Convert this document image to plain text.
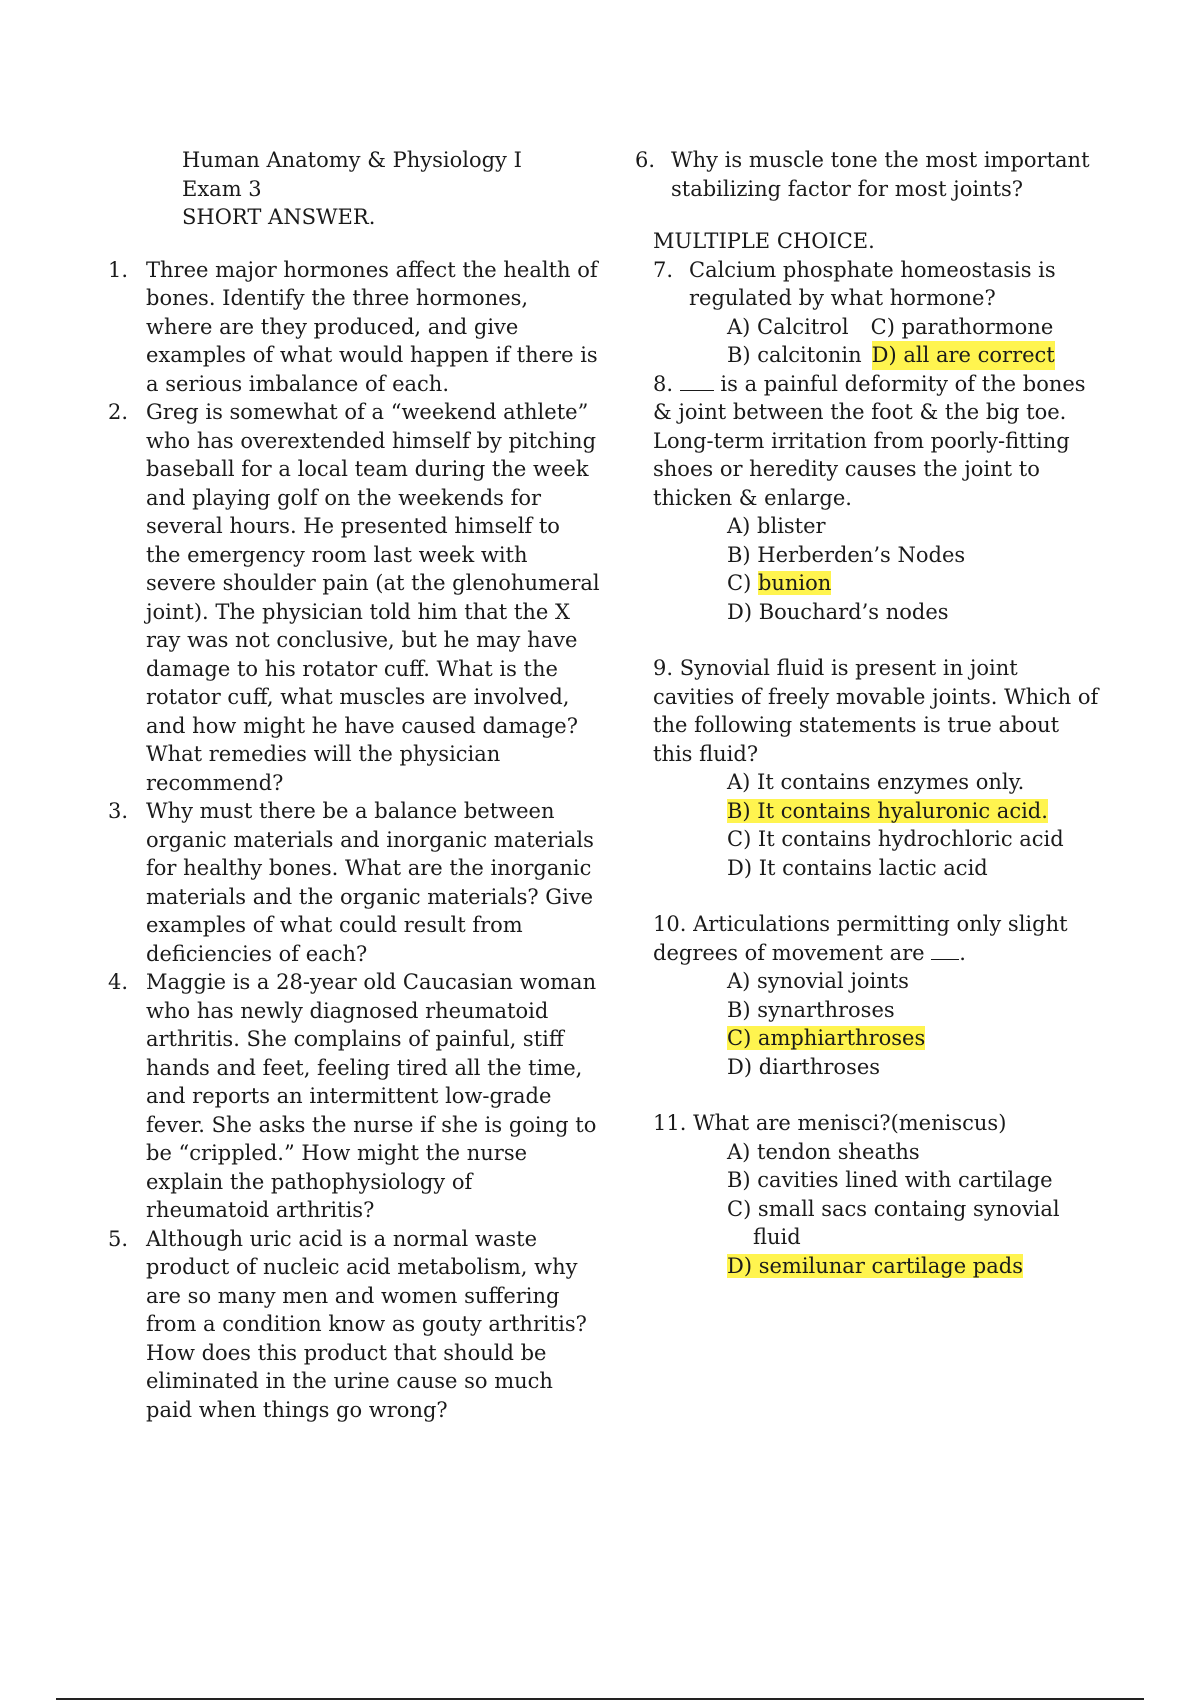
Human Anatomy & Physiology I
Exam 3
SHORT ANSWER.
1. Three major hormones affect the health of bones. Identify the three hormones, where are they produced, and give examples of what would happen if there is a serious imbalance of each.
2. Greg is somewhat of a “weekend athlete” who has overextended himself by pitching baseball for a local team during the week and playing golf on the weekends for several hours. He presented himself to the emergency room last week with severe shoulder pain (at the glenohumeral joint). The physician told him that the X ray was not conclusive, but he may have damage to his rotator cuff. What is the rotator cuff, what muscles are involved, and how might he have caused damage? What remedies will the physician recommend?
3. Why must there be a balance between organic materials and inorganic materials for healthy bones. What are the inorganic materials and the organic materials? Give examples of what could result from deficiencies of each?
4. Maggie is a 28-year old Caucasian woman who has newly diagnosed rheumatoid arthritis. She complains of painful, stiff hands and feet, feeling tired all the time, and reports an intermittent low-grade fever. She asks the nurse if she is going to be “crippled.” How might the nurse explain the pathophysiology of rheumatoid arthritis?
5. Although uric acid is a normal waste product of nucleic acid metabolism, why are so many men and women suffering from a condition know as gouty arthritis? How does this product that should be eliminated in the urine cause so much paid when things go wrong?
6. Why is muscle tone the most important stabilizing factor for most joints?
MULTIPLE CHOICE.
7. Calcium phosphate homeostasis is regulated by what hormone?
A) Calcitrol C) parathormone
B) calcitonin D) all are correct
8. is a painful deformity of the bones & joint between the foot & the big toe. Long-term irritation from poorly-fitting shoes or heredity causes the joint to thicken & enlarge.
A) blister
B) Herberden’s Nodes
C) bunion
D) Bouchard’s nodes
9. Synovial fluid is present in joint cavities of freely movable joints. Which of the following statements is true about this fluid?
A) It contains enzymes only.
B) It contains hyaluronic acid.
C) It contains hydrochloric acid
D) It contains lactic acid
10. Articulations permitting only slight degrees of movement are .
A) synovial joints
B) synarthroses
C) amphiarthroses
D) diarthroses
11. What are menisci?(meniscus)
A) tendon sheaths
B) cavities lined with cartilage
C) small sacs containg synovial
fluid
D) semilunar cartilage pads
